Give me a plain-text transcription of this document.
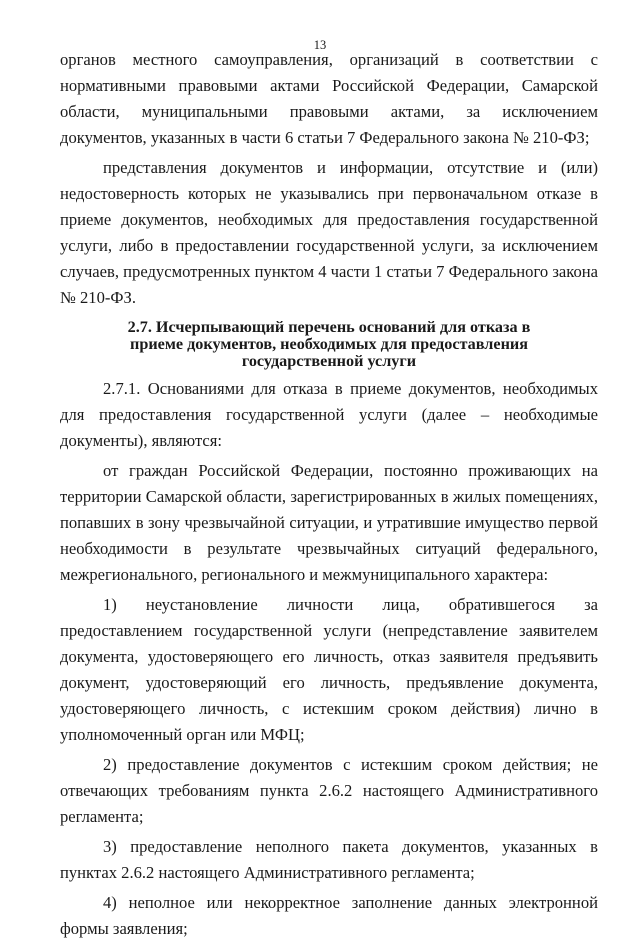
13

органов местного самоуправления, организаций в соответствии с нормативными правовыми актами Российской Федерации, Самарской области, муниципальными правовыми актами, за исключением документов, указанных в части 6 статьи 7 Федерального закона № 210-ФЗ;

представления документов и информации, отсутствие и (или) недостоверность которых не указывались при первоначальном отказе в приеме документов, необходимых для предоставления государственной услуги, либо в предоставлении государственной услуги, за исключением случаев, предусмотренных пунктом 4 части 1 статьи 7 Федерального закона № 210-ФЗ.

2.7. Исчерпывающий перечень оснований для отказа в приеме документов, необходимых для предоставления государственной услуги

2.7.1. Основаниями для отказа в приеме документов, необходимых для предоставления государственной услуги (далее – необходимые документы), являются:

от граждан Российской Федерации, постоянно проживающих на территории Самарской области, зарегистрированных в жилых помещениях, попавших в зону чрезвычайной ситуации, и утратившие имущество первой необходимости в результате чрезвычайных ситуаций федерального, межрегионального, регионального и межмуниципального характера:

1) неустановление личности лица, обратившегося за предоставлением государственной услуги (непредставление заявителем документа, удостоверяющего его личность, отказ заявителя предъявить документ, удостоверяющий его личность, предъявление документа, удостоверяющего личность, с истекшим сроком действия) лично в уполномоченный орган или МФЦ;

2) предоставление документов с истекшим сроком действия; не отвечающих требованиям пункта 2.6.2 настоящего Административного регламента;

3) предоставление неполного пакета документов, указанных в пунктах 2.6.2 настоящего Административного регламента;

4) неполное или некорректное заполнение данных электронной формы заявления;
